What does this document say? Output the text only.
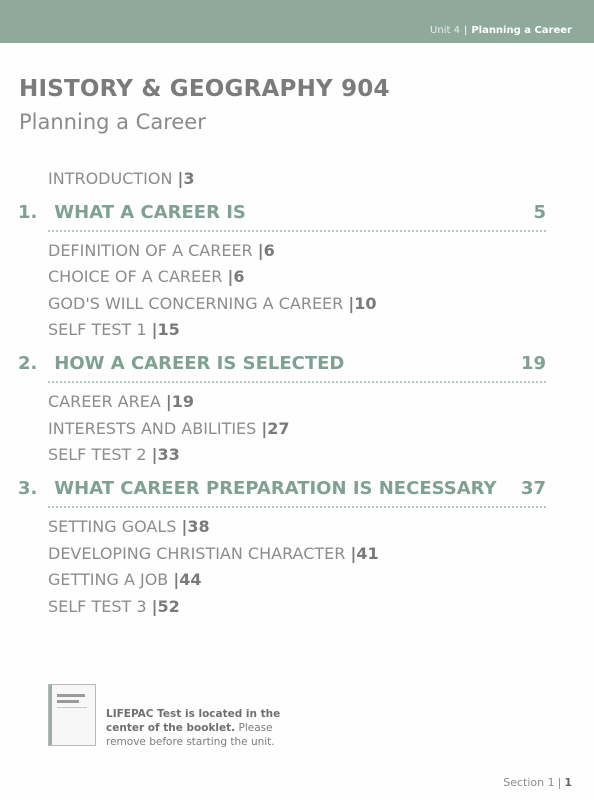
Unit 4 | Planning a Career
HISTORY & GEOGRAPHY 904
Planning a Career
INTRODUCTION |3
1. WHAT A CAREER IS	5
DEFINITION OF A CAREER |6
CHOICE OF A CAREER |6
GOD'S WILL CONCERNING A CAREER |10
SELF TEST 1 |15
2. HOW A CAREER IS SELECTED	19
CAREER AREA |19
INTERESTS AND ABILITIES |27
SELF TEST 2 |33
3. WHAT CAREER PREPARATION IS NECESSARY 37
SETTING GOALS |38
DEVELOPING CHRISTIAN CHARACTER |41
GETTING A JOB |44
SELF TEST 3 |52
LIFEPAC Test is located in the center of the booklet. Please remove before starting the unit.
Section 1 | 1
